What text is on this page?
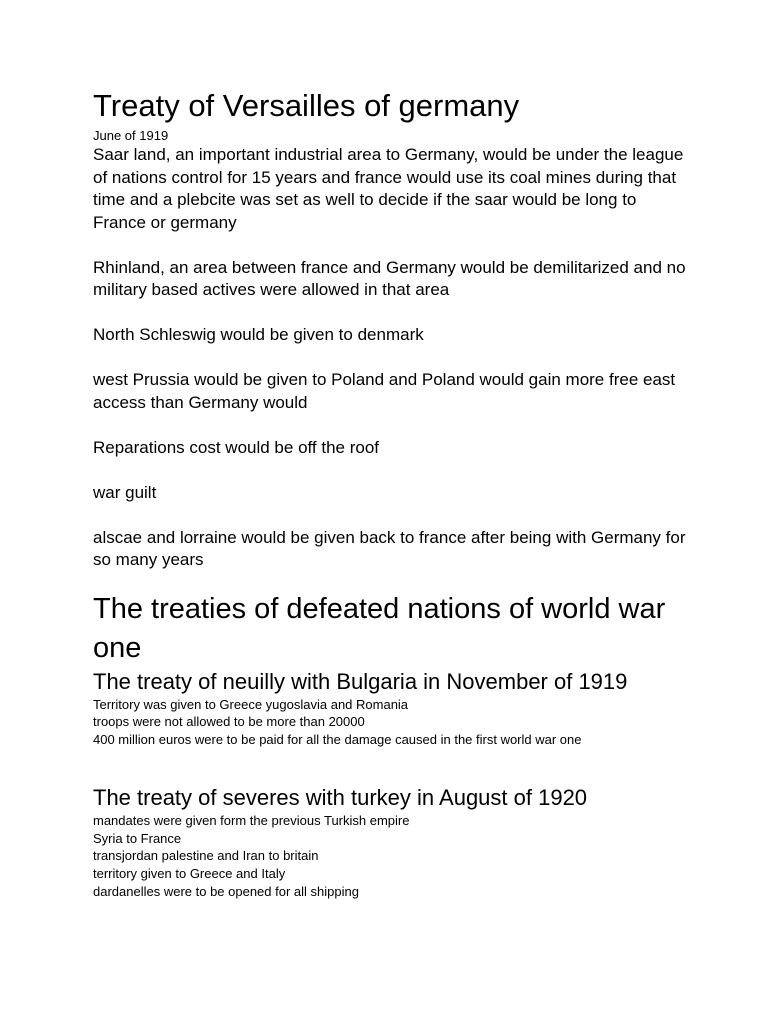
Treaty of Versailles of germany

June of 1919

Saar land, an important industrial area to Germany, would be under the league of nations control for 15 years and france would use its coal mines during that time and a plebcite was set as well to decide if the saar would be long to France or germany

Rhinland, an area between france and Germany would be demilitarized and no military based actives were allowed in that area

North Schleswig would be given to denmark

west Prussia would be given to Poland and Poland would gain more free east access than Germany would

Reparations cost would be off the roof

war guilt

alscae and lorraine would be given back to france after being with Germany for so many years

The treaties of defeated nations of world war one
The treaty of neuilly with Bulgaria in November of 1919
Territory was given to Greece yugoslavia and Romania
troops were not allowed to be more than 20000
400 million euros were to be paid for all the damage caused in the first world war one
The treaty of severes with turkey in August of 1920
mandates were given form the previous Turkish empire
Syria to France
transjordan palestine and Iran to britain
territory given to Greece and Italy
dardanelles were to be opened for all shipping
